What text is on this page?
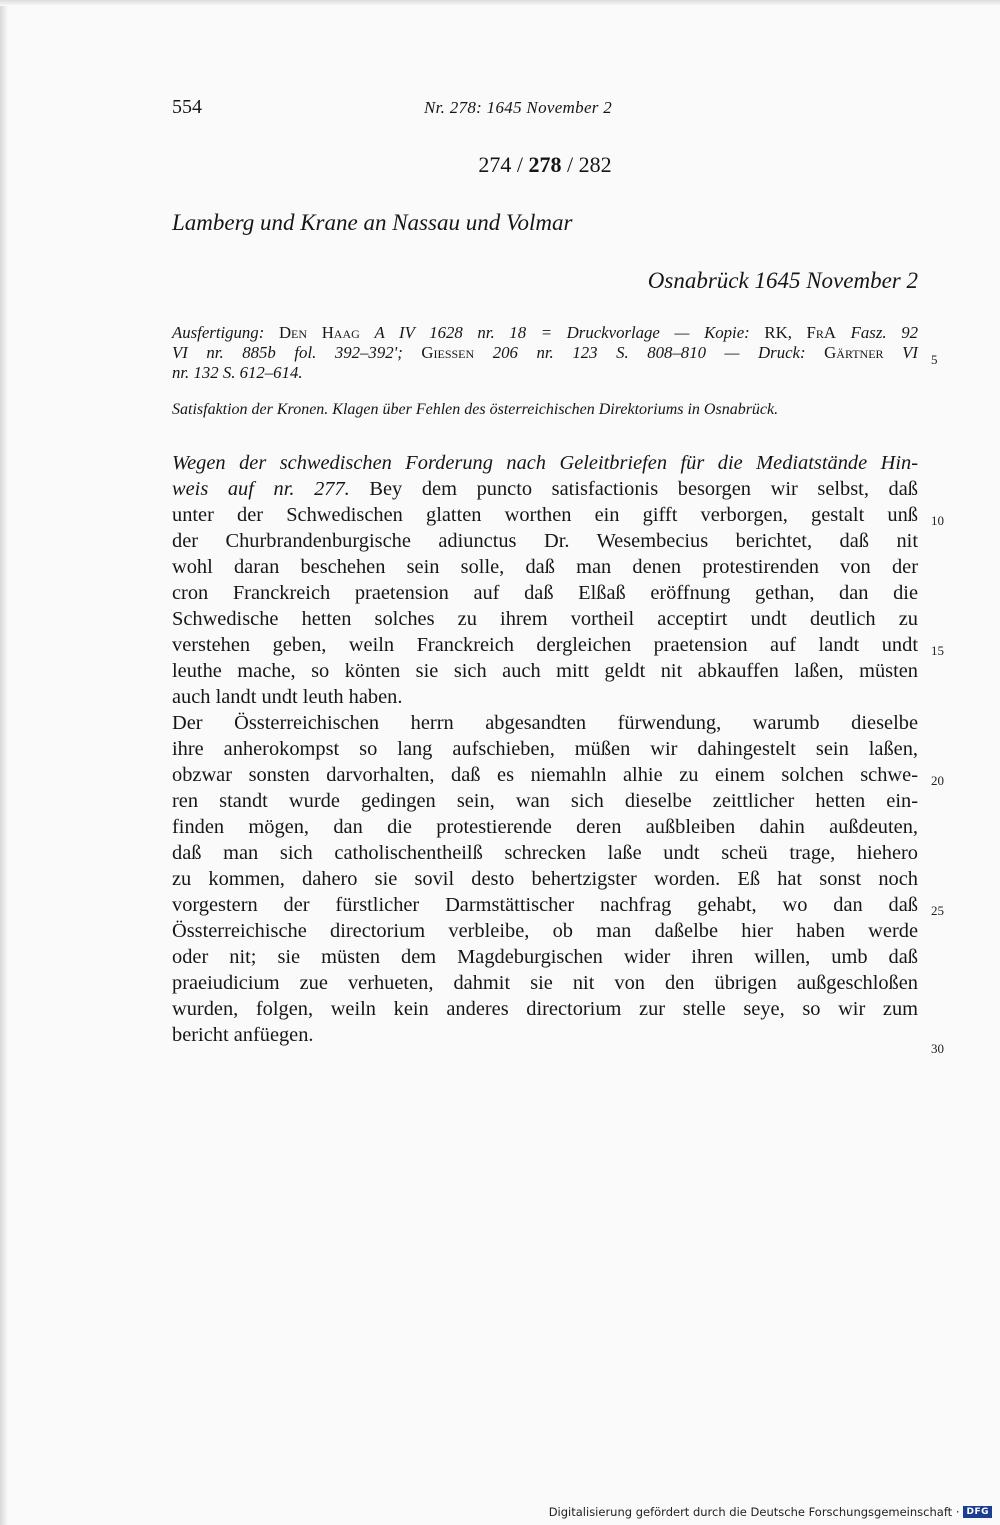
554	Nr. 278: 1645 November 2
274 / 278 / 282
Lamberg und Krane an Nassau und Volmar
Osnabrück 1645 November 2
Ausfertigung: Den Haag A IV 1628 nr. 18 = Druckvorlage — Kopie: RK, FrA Fasz. 92
VI nr. 885b fol. 392–392'; Giessen 206 nr. 123 S. 808–810 — Druck: Gärtner VI
nr. 132 S. 612–614.
Satisfaktion der Kronen. Klagen über Fehlen des österreichischen Direktoriums in Osnabrück.
Wegen der schwedischen Forderung nach Geleitbriefen für die Mediatstände Hin-
weis auf nr. 277. Bey dem puncto satisfactionis besorgen wir selbst, daß
unter der Schwedischen glatten worthen ein gifft verborgen, gestalt unß
der Churbrandenburgische adiunctus Dr. Wesembecius berichtet, daß nit
wohl daran beschehen sein solle, daß man denen protestirenden von der
cron Franckreich praetension auf daß Elßaß eröffnung gethan, dan die
Schwedische hetten solches zu ihrem vortheil acceptirt undt deutlich zu
verstehen geben, weiln Franckreich dergleichen praetension auf landt undt
leuthe mache, so könten sie sich auch mitt geldt nit abkauffen laßen, müsten
auch landt undt leuth haben.
Der Össterreichischen herrn abgesandten fürwendung, warumb dieselbe
ihre anherokompst so lang aufschieben, müßen wir dahingestelt sein laßen,
obzwar sonsten darvorhalten, daß es niemahln alhie zu einem solchen schwe-
ren standt wurde gedingen sein, wan sich dieselbe zeittlicher hetten ein-
finden mögen, dan die protestierende deren außbleiben dahin außdeuten,
daß man sich catholischentheilß schrecken laße undt scheü trage, hiehero
zu kommen, dahero sie sovil desto behertzigster worden. Eß hat sonst noch
vorgestern der fürstlicher Darmstättischer nachfrag gehabt, wo dan daß
Össterreichische directorium verbleibe, ob man daßelbe hier haben werde
oder nit; sie müsten dem Magdeburgischen wider ihren willen, umb daß
praeiudicium zue verhueten, dahmit sie nit von den übrigen außgeschloßen
wurden, folgen, weiln kein anderes directorium zur stelle seye, so wir zum
bericht anfüegen.
5
10
15
20
25
30
Digitalisierung gefördert durch die Deutsche Forschungsgemeinschaft · DFG
